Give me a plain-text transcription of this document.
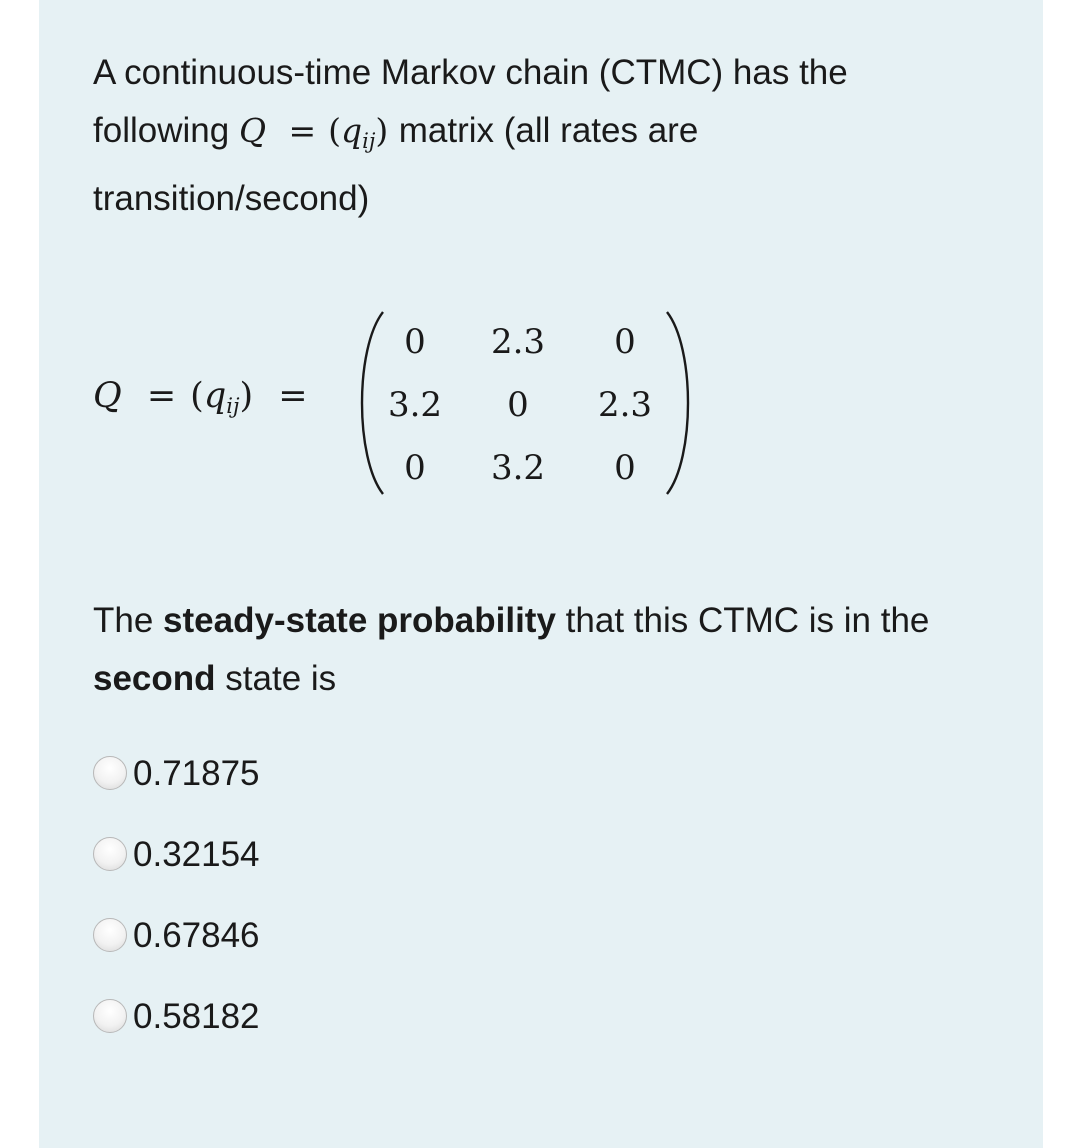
A continuous-time Markov chain (CTMC) has the
following $Q = (q_{ij})$ matrix (all rates are
transition/second)
$Q = (q_{ij})$ =
0	2.3	0
3.2	0	2.3
0	3.2	0
The steady-state probability that this CTMC is in the second state is
0.71875
0.32154
0.67846
0.58182
